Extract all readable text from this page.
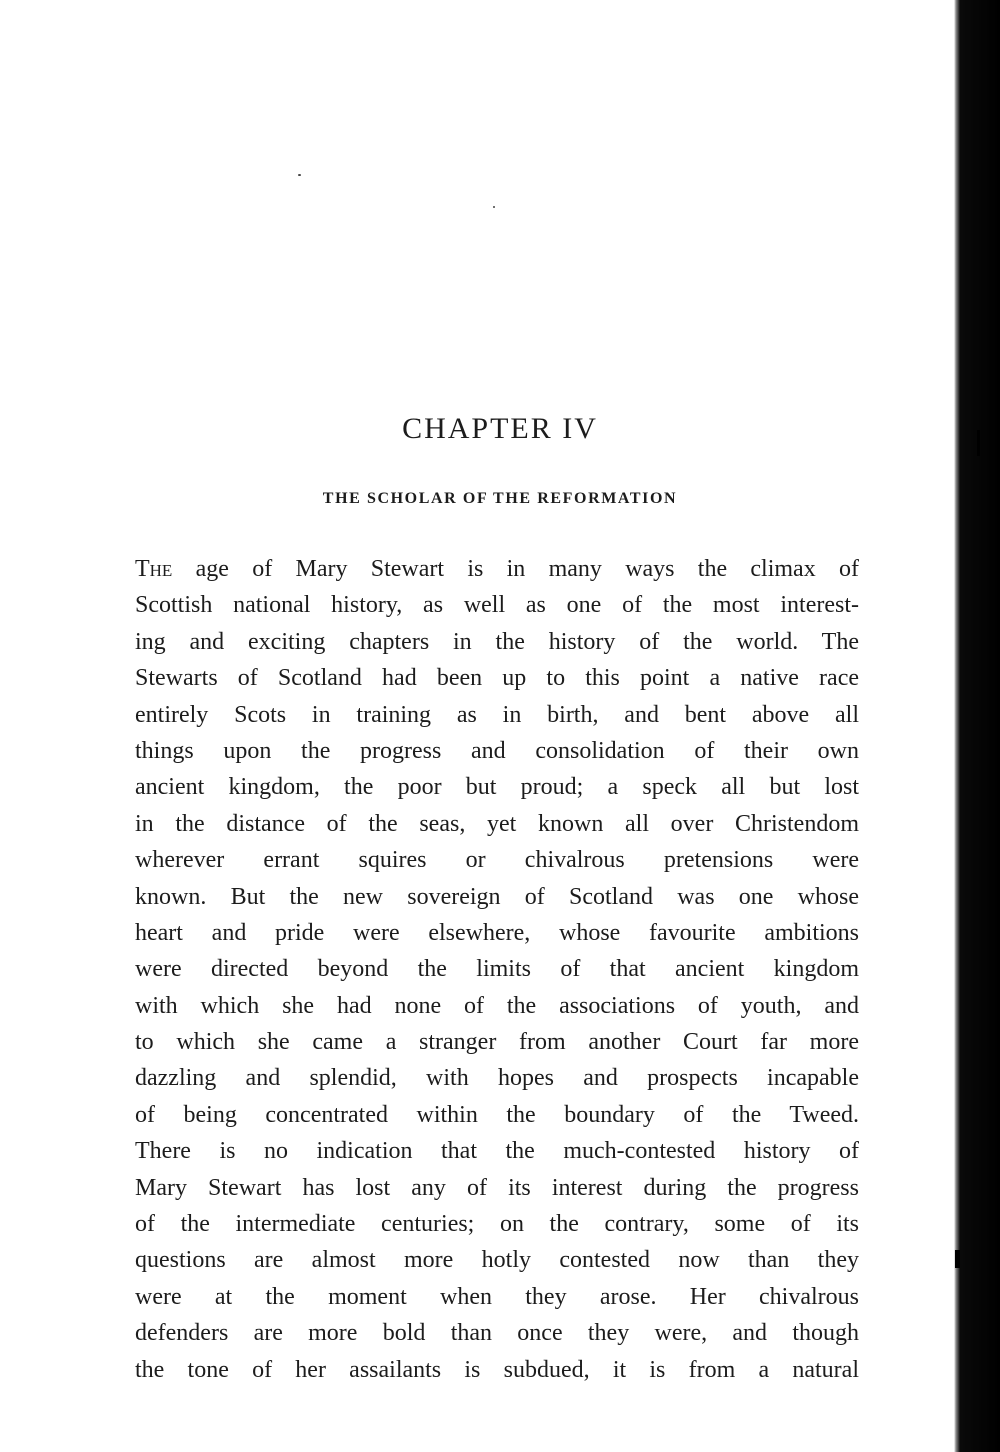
CHAPTER IV
THE SCHOLAR OF THE REFORMATION
The age of Mary Stewart is in many ways the climax of
Scottish national history, as well as one of the most interest-
ing and exciting chapters in the history of the world. The
Stewarts of Scotland had been up to this point a native race
entirely Scots in training as in birth, and bent above all
things upon the progress and consolidation of their own
ancient kingdom, the poor but proud; a speck all but lost
in the distance of the seas, yet known all over Christendom
wherever errant squires or chivalrous pretensions were
known. But the new sovereign of Scotland was one whose
heart and pride were elsewhere, whose favourite ambitions
were directed beyond the limits of that ancient kingdom
with which she had none of the associations of youth, and
to which she came a stranger from another Court far more
dazzling and splendid, with hopes and prospects incapable
of being concentrated within the boundary of the Tweed.
There is no indication that the much-contested history of
Mary Stewart has lost any of its interest during the progress
of the intermediate centuries; on the contrary, some of its
questions are almost more hotly contested now than they
were at the moment when they arose. Her chivalrous
defenders are more bold than once they were, and though
the tone of her assailants is subdued, it is from a natural
